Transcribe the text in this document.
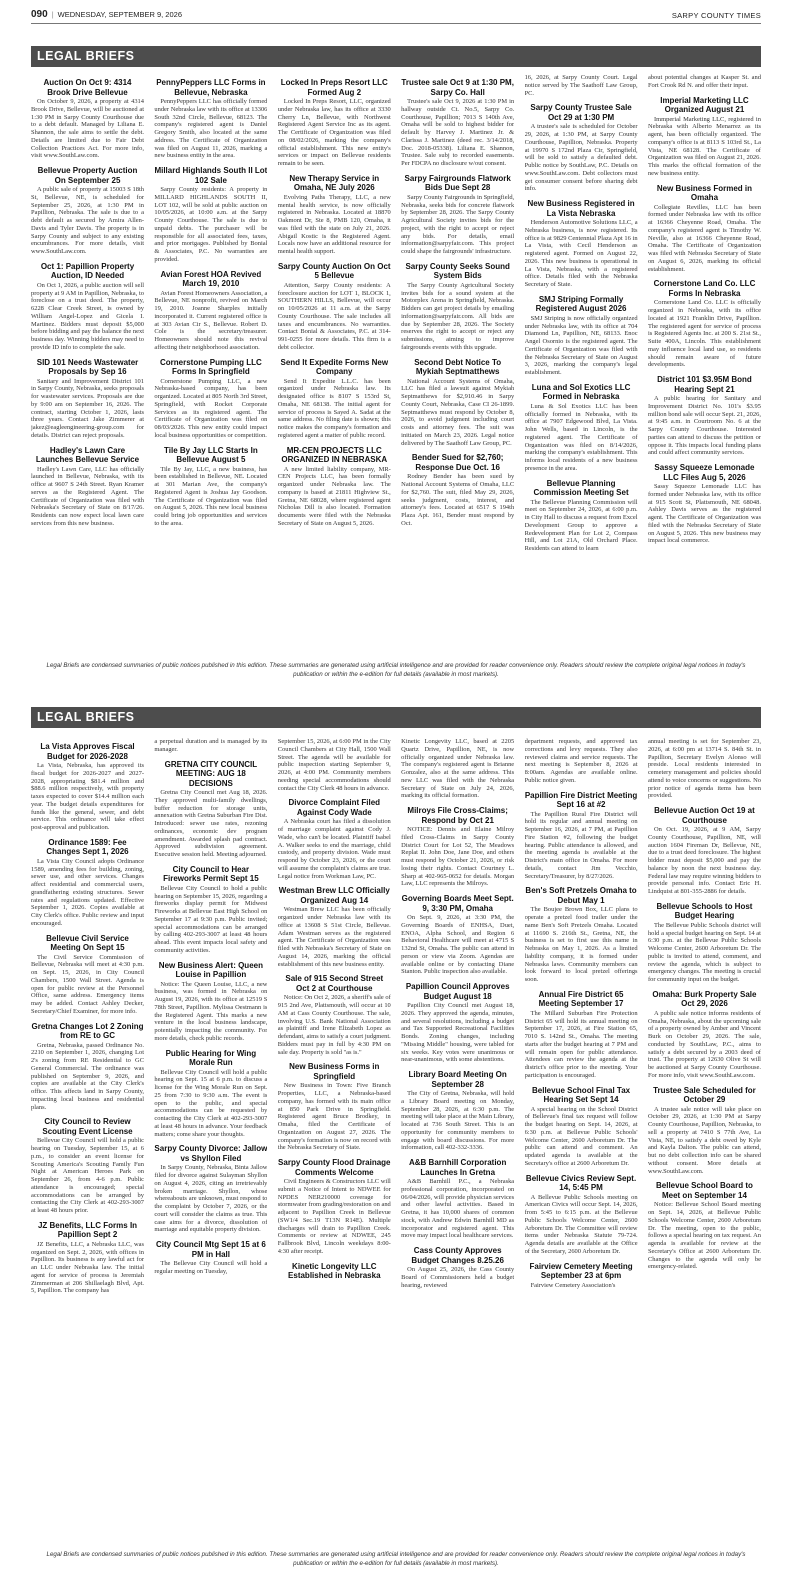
090 | WEDNESDAY, SEPTEMBER 9, 2026	SARPY COUNTY TIMES
LEGAL BRIEFS
Auction On Oct 9: 4314 Brook Drive Bellevue

On October 9, 2026, a property at 4314 Brook Drive, Bellevue, will be auctioned at 1:30 PM in Sarpy County Courthouse due to a debt default. Managed by Liliana E. Shannon, the sale aims to settle the debt. Details are limited due to Fair Debt Collection Practices Act. For more info, visit www.SouthLaw.com.

Bellevue Property Auction On September 25

A public sale of property at 15003 S 18th St, Bellevue, NE, is scheduled for September 25, 2026, at 1:30 PM in Papillion, Nebraska. The sale is due to a debt default as secured by Amira Allen-Davis and Tyler Davis. The property is in Sarpy County and subject to any existing encumbrances. For more details, visit www.SouthLaw.com.

Oct 1: Papillion Property Auction, ID Needed

On Oct 1, 2026, a public auction will sell property at 9 AM in Papillion, Nebraska, to foreclose on a trust deed. The property, 6228 Clear Creek Street, is owned by William Angel-Lopez and Gicela I. Martinez. Bidders must deposit $5,000 before bidding and pay the balance the next business day. Winning bidders may need to provide ID info to complete the sale.

SID 101 Needs Wastewater Proposals by Sep 16

Sanitary and Improvement District 101 in Sarpy County, Nebraska, seeks proposals for wastewater services. Proposals are due by 9:00 am on September 16, 2026. The contract, starting October 1, 2026, lasts three years. Contact Jake Zimmerer at jakez@eagleengineering-group.com for details. District can reject proposals.

Hadley's Lawn Care Launches Bellevue Service

Hadley's Lawn Care, LLC has officially launched in Bellevue, Nebraska, with its office at 9607 S 24th Street. Ryan Kramer serves as the Registered Agent. The Certificate of Organization was filed with Nebraska's Secretary of State on 8/17/26. Residents can now expect local lawn care services from this new business.

PennyPeppers LLC Forms in Bellevue, Nebraska

PennyPeppers LLC has officially formed under Nebraska law with its office at 13306 South 32nd Circle, Bellevue, 68123. The company's registered agent is Daniel Gregory Smith, also located at the same address. The Certificate of Organization was filed on August 11, 2026, marking a new business entity in the area.

Millard Highlands South II Lot 102 Sale

Sarpy County residents: A property in MILLARD HIGHLANDS SOUTH II, LOT 102, will be sold at public auction on 10/05/2026, at 10:00 a.m. at the Sarpy County Courthouse. The sale is due to unpaid debts. The purchaser will be responsible for all associated fees, taxes, and prior mortgages. Published by Bonial & Associates, P.C. No warranties are provided.

Avian Forest HOA Revived March 19, 2010

Avian Forest Homeowners Association, a Bellevue, NE nonprofit, revived on March 19, 2010. Joanne Sharples initially incorporated it. Current registered office is at 303 Avian Cir S., Bellevue. Robert D. Cole is the secretary/treasurer. Homeowners should note this revival affecting their neighborhood association.

Cornerstone Pumping LLC Forms In Springfield

Cornerstone Pumping LLC, a new Nebraska-based company, has been organized. Located at 805 North 3rd Street, Springfield, with Rocket Corporate Services as its registered agent. The Certificate of Organization was filed on 08/03/2026. This new entity could impact local business opportunities or competition.

Tile By Jay LLC Starts In Bellevue August 5

Tile By Jay, LLC, a new business, has been established in Bellevue, NE. Located at 301 Marian Ave, the company's Registered Agent is Joshua Jay Goodson. The Certificate of Organization was filed on August 5, 2026. This new local business could bring job opportunities and services to the area.

Locked In Preps Resort LLC Formed Aug 2

Locked In Preps Resort, LLC, organized under Nebraska law, has its office at 3330 Cherry Ln, Bellevue, with Northwest Registered Agent Service Inc as its agent. The Certificate of Organization was filed on 08/02/2026, marking the company's official establishment. This new entity's services or impact on Bellevue residents remain to be seen.

New Therapy Service in Omaha, NE July 2026

Evolving Paths Therapy, LLC, a new mental health service, is now officially registered in Nebraska. Located at 18870 Oakmont Dr, Ste 8, PMB 120, Omaha, it was filed with the state on July 21, 2026. Abigail Kostic is the Registered Agent. Locals now have an additional resource for mental health support.

Sarpy County Auction On Oct 5 Bellevue

Attention, Sarpy County residents: A foreclosure auction for LOT 1, BLOCK 1, SOUTHERN HILLS, Bellevue, will occur on 10/05/2026 at 11 a.m. at the Sarpy County Courthouse. The sale includes all taxes and encumbrances. No warranties. Contact Bonial & Associates, P.C. at 314-991-0255 for more details. This firm is a debt collector.

Send It Expedite Forms New Company

Send It Expedite L.L.C. has been organized under Nebraska law. Its designated office is 8107 S 153rd St, Omaha, NE 68138. The initial agent for service of process is Sayed A. Sadat at the same address. No filing date is shown; this notice makes the company's formation and registered agent a matter of public record.

MR-CEN PROJECTS LLC ORGANIZED IN NEBRASKA

A new limited liability company, MR-CEN Projects LLC, has been formally organized under Nebraska law. The company is based at 21811 Highview St., Gretna, NE 68028, where registered agent Nicholas Dill is also located. Formation documents were filed with the Nebraska Secretary of State on August 5, 2026.

Trustee sale Oct 9 at 1:30 PM, Sarpy Co. Hall

Trustee's sale Oct 9, 2026 at 1:30 PM in hallway outside Ct. No.5, Sarpy Co. Courthouse, Papillion; 7013 S 140th Ave, Omaha will be sold to highest bidder for default by Harvey J. Martinez Jr. & Clarissa J. Martinez (deed rec. 3/14/2018, Doc. 2018-05338). Liliana E. Shannon, Trustee. Sale subj to recorded easements. Per FDCPA no disclosure w/out consent.

Sarpy Fairgrounds Flatwork Bids Due Sept 28

Sarpy County Fairgrounds in Springfield, Nebraska, seeks bids for concrete flatwork by September 28, 2026. The Sarpy County Agricultural Society invites bids for the project, with the right to accept or reject any bids. For details, email information@sarpyfair.com. This project could shape the fairgrounds' infrastructure.

Sarpy County Seeks Sound System Bids

The Sarpy County Agricultural Society invites bids for a sound system at the Motorplex Arena in Springfield, Nebraska. Bidders can get project details by emailing information@sarpyfair.com. All bids are due by September 28, 2026. The Society reserves the right to accept or reject any submissions, aiming to improve fairgrounds events with this upgrade.

Second Debt Notice To Mykiah Septmatthews

National Account Systems of Omaha, LLC has filed a lawsuit against Mykiah Septmatthews for $2,910.46 in Sarpy County Court, Nebraska, Case CI 26-1899. Septmatthews must respond by October 8, 2026, to avoid judgment including court costs and attorney fees. The suit was initiated on March 23, 2026. Legal notice delivered by The Saathoff Law Group, PC.

Bender Sued for $2,760; Response Due Oct. 16

Rodney Bender has been sued by National Account Systems of Omaha, LLC for $2,760. The suit, filed May 29, 2026, seeks judgment, costs, interest, and attorney's fees. Located at 6517 S 194th Plaza Apt. 161, Bender must respond by Oct.

16, 2026, at Sarpy County Court. Legal notice served by The Saathoff Law Group, PC.

Sarpy County Trustee Sale Oct 29 at 1:30 PM

A trustee's sale is scheduled for October 29, 2026, at 1:30 PM, at Sarpy County Courthouse, Papillion, Nebraska. Property at 19970 S 172nd Plaza Cir, Springfield, will be sold to satisfy a defaulted debt. Public notice by SouthLaw, P.C. Details on www.SouthLaw.com. Debt collectors must get consumer consent before sharing debt info.

New Business Registered in La Vista Nebraska

Henderson Automotive Solutions LLC, a Nebraska business, is now registered. Its office is at 9829 Centennial Plaza Apt 16 in La Vista, with Cecil Henderson as registered agent. Formed on August 22, 2026. This new business is operational in La Vista, Nebraska, with a registered office. Details filed with the Nebraska Secretary of State.

SMJ Striping Formally Registered August 2026

SMJ Striping is now officially organized under Nebraska law, with its office at 704 Diamond Ln, Papillion, NE, 68133. Enoc Angel Osornio is the registered agent. The Certificate of Organization was filed with the Nebraska Secretary of State on August 3, 2026, marking the company's legal establishment.

Luna and Sol Exotics LLC Formed in Nebraska

Luna & Sol Exotics LLC has been officially formed in Nebraska, with its office at 7907 Edgewood Blvd, La Vista. John Wells, based in Lincoln, is the registered agent. The Certificate of Organization was filed on 8/14/2026, marking the company's establishment. This informs local residents of a new business presence in the area.

Bellevue Planning Commission Meeting Set

The Bellevue Planning Commission will meet on September 24, 2026, at 6:00 p.m. in City Hall to discuss a request from Excel Development Group to approve a Redevelopment Plan for Lot 2, Compass Hill, and Lot 21A, Old Orchard Place. Residents can attend to learn

about potential changes at Kasper St. and Fort Crook Rd N. and offer their input.

Imperial Marketing LLC Organized August 21

Immperial Marketing LLC, registered in Nebraska with Alberto Menarrez as its agent, has been officially organized. The company's office is at 8113 S 103rd St., La Vista, NE 68128. The Certificate of Organization was filed on August 21, 2026. This marks the official formation of the new business entity.

New Business Formed in Omaha

Collegiate Revilles, LLC has been formed under Nebraska law with its office at 16366 Cheyenne Road, Omaha. The company's registered agent is Timothy W. Neville, also at 16366 Cheyenne Road, Omaha. The Certificate of Organization was filed with Nebraska Secretary of State on August 6, 2026, marking its official establishment.

Cornerstone Land Co. LLC Forms In Nebraska

Cornerstone Land Co. LLC is officially organized in Nebraska, with its office located at 1921 Franklin Drive, Papillion. The registered agent for service of process is Registered Agents Inc. at 200 S. 21st St., Suite 400A, Lincoln. This establishment may influence local land use, so residents should remain aware of future developments.

District 101 $3.95M Bond Hearing Sept 21

A public hearing for Sanitary and Improvement District No. 101's $3.95 million bond sale will occur Sept. 21, 2026, at 9:45 a.m. in Courtroom No. 6 at the Sarpy County Courthouse. Interested parties can attend to discuss the petition or oppose it. This impacts local funding plans and could affect community services.

Sassy Squeeze Lemonade LLC Files Aug 5, 2026

Sassy Squeeze Lemonade LLC has formed under Nebraska law, with its office at 915 Scott St, Plattsmouth, NE 68048. Ashley Davis serves as the registered agent. The Certificate of Organization was filed with the Nebraska Secretary of State on August 5, 2026. This new business may impact local commerce.

Legal Briefs are condensed summaries of public notices published in this edition. These summaries are generated using artificial intelligence and are provided for reader convenience only. Readers should review the complete original legal notices in today's publication or within the e-edition for full details (available in most markets).
LEGAL BRIEFS
La Vista Approves Fiscal Budget for 2026-2028

La Vista, Nebraska, has approved its fiscal budget for 2026-2027 and 2027-2028, appropriating $81.4 million and $88.6 million respectively, with property taxes expected to cover $14.4 million each year. The budget details expenditures for funds like the general, sewer, and debt service. This ordinance will take effect post-approval and publication.

Ordinance 1589: Fee Changes Sept 1, 2026

La Vista City Council adopts Ordinance 1589, amending fees for building, zoning, sewer use, and other services. Changes affect residential and commercial users, grandfathering existing structures. Sewer rates and regulations updated. Effective September 1, 2026. Copies available at City Clerk's office. Public review and input encouraged.

Bellevue Civil Service Meeting On Sept 15

The Civil Service Commission of Bellevue, Nebraska will meet at 4:30 p.m. on Sept. 15, 2026, in City Council Chambers, 1500 Wall Street. Agenda is open for public review at the Personnel Office, same address. Emergency items may be added. Contact Ashley Decker, Secretary/Chief Examiner, for more info.

Gretna Changes Lot 2 Zoning from RE to GC

Gretna, Nebraska, passed Ordinance No. 2210 on September 1, 2026, changing Lot 2's zoning from RE Residential to GC General Commercial. The ordinance was published on September 9, 2026, and copies are available at the City Clerk's office. This affects land in Sarpy County, impacting local business and residential plans.

City Council to Review Scouting Event License

Bellevue City Council will hold a public hearing on Tuesday, September 15, at 6 p.m., to consider an event license for Scouting America's Scouting Family Fun Night at American Heroes Park on September 26, from 4-6 p.m. Public attendance is encouraged; special accommodations can be arranged by contacting the City Clerk at 402-293-3007 at least 48 hours prior.

JZ Benefits, LLC Forms In Papillion Sept 2

JZ Benefits, LLC, a Nebraska LLC, was organized on Sept. 2, 2026, with offices in Papillion. Its business is any lawful act for an LLC under Nebraska law. The initial agent for service of process is Jeremiah Zimmerman at 206 Shillaelagh Blvd, Apt. 5, Papillion. The company has

a perpetual duration and is managed by its manager.

GRETNA CITY COUNCIL MEETING: AUG 18 DECISIONS

Gretna City Council met Aug 18, 2026. They approved multi-family dwellings, buffer reduction for storage units, annexation with Gretna Suburban Fire Dist. Introduced: sewer use rates, rezoning ordinances, economic dev program amendment. Awarded splash pad contract. Approved subdivision agreement. Executive session held. Meeting adjourned.

City Council to Hear Fireworks Permit Sept 15

Bellevue City Council to hold a public hearing on September 15, 2026, regarding a fireworks display permit for Midwest Fireworks at Bellevue East High School on September 17 at 9:30 p.m. Public invited; special accommodations can be arranged by calling 402-293-3007 at least 48 hours ahead. This event impacts local safety and community activities.

New Business Alert: Queen Louise in Papillion

Notice: The Queen Louise, LLC, a new business, was formed in Nebraska on August 19, 2026, with its office at 12519 S 78th Street, Papillion. Mylissa Oestmann is the Registered Agent. This marks a new venture in the local business landscape, potentially impacting the community. For more details, check public records.

Public Hearing for Wing Morale Run

Bellevue City Council will hold a public hearing on Sept. 15 at 6 p.m. to discuss a license for the Wing Morale Run on Sept. 25 from 7:30 to 9:30 a.m. The event is open to the public, and special accommodations can be requested by contacting the City Clerk at 402-293-3007 at least 48 hours in advance. Your feedback matters; come share your thoughts.

Sarpy County Divorce: Jallow vs Shyllon Filed

In Sarpy County, Nebraska, Binta Jallow filed for divorce against Sulayman Shyllon on August 4, 2026, citing an irretrievably broken marriage. Shyllon, whose whereabouts are unknown, must respond to the complaint by October 7, 2026, or the court will consider the claims as true. This case aims for a divorce, dissolution of marriage and equitable property division.

City Council Mtg Sept 15 at 6 PM in Hall

The Bellevue City Council will hold a regular meeting on Tuesday,

September 15, 2026, at 6:00 PM in the City Council Chambers at City Hall, 1500 Wall Street. The agenda will be available for public inspection starting September 9, 2026, at 4:00 PM. Community members needing special accommodations should contact the City Clerk 48 hours in advance.

Divorce Complaint Filed Against Cody Wade

A Nebraska court has filed a dissolution of marriage complaint against Cody J. Wade, who can't be located. Plaintiff Isabel A. Walker seeks to end the marriage, child custody, and property division. Wade must respond by October 23, 2026, or the court will assume the complaint's claims are true. Legal notice from Workman Law, PC.

Westman Brew LLC Officially Organized Aug 14

Westman Brew LLC has been officially organized under Nebraska law with its office at 13608 S 51st Circle, Bellevue. Adam Westman serves as the registered agent. The Certificate of Organization was filed with Nebraska's Secretary of State on August 14, 2026, marking the official establishment of this new business entity.

Sale of 915 Second Street Oct 2 at Courthouse

Notice: On Oct 2, 2026, a sheriff's sale of 915 2nd Ave, Plattsmouth, will occur at 10 AM at Cass County Courthouse. The sale, involving U.S. Bank National Association as plaintiff and Irene Elizabeth Lopez as defendant, aims to satisfy a court judgment. Bidders must pay in full by 4:30 PM on sale day. Property is sold "as is."

New Business Forms in Springfield

New Business in Town: Five Branch Properties, LLC, a Nebraska-based company, has formed with its main office at 850 Park Drive in Springfield. Registered agent Bruce Brodkey, in Omaha, filed the Certificate of Organization on August 27, 2026. The company's formation is now on record with the Nebraska Secretary of State.

Sarpy County Flood Drainage Comments Welcome

Civil Engineers & Constructors LLC will submit a Notice of Intent to NDWEE for NPDES NER210000 coverage for stormwater from grading/restoration on and adjacent to Papillion Creek in Bellevue (SW1/4 Sec.19 T13N R14E). Multiple discharges will drain to Papillion Creek. Comments or review at NDWEE, 245 Fallbrook Blvd, Lincoln weekdays 8:00-4:30 after receipt.

Kinetic Longevity LLC Established in Nebraska

Kinetic Longevity LLC, based at 2205 Quartz Drive, Papillion, NE, is now officially organized under Nebraska law. The company's registered agent is Brianne Gonzalez, also at the same address. This new LLC was filed with the Nebraska Secretary of State on July 24, 2026, marking its official formation.

Milroys File Cross-Claims; Respond by Oct 21

NOTICE: Dennis and Elaine Milroy filed Cross-Claims in Sarpy County District Court for Lot 52, The Meadows Replat II. John Doe, Jane Doe, and others must respond by October 21, 2026, or risk losing their rights. Contact Courtney L. Sharp at 402-965-0652 for details. Morgan Law, LLC represents the Milroys.

Governing Boards Meet Sept. 9, 3:30 PM, Omaha

On Sept. 9, 2026, at 3:30 PM, the Governing Boards of ENHSA, Duet, ENOA, Alpha School, and Region 6 Behavioral Healthcare will meet at 4715 S 132nd St, Omaha. The public can attend in person or view via Zoom. Agendas are available online or by contacting Diane Stanton. Public inspection also available.

Papillion Council Approves Budget August 18

Papillion City Council met August 18, 2026. They approved the agenda, minutes, and several resolutions, including a budget and Tax Supported Recreational Facilities Bonds. Zoning changes, including "Missing Middle" housing, were tabled for six weeks. Key votes were unanimous or near-unanimous, with some abstentions.

Library Board Meeting On September 28

The City of Gretna, Nebraska, will hold a Library Board meeting on Monday, September 28, 2026, at 6:30 p.m. The meeting will take place at the Main Library, located at 736 South Street. This is an opportunity for community members to engage with board discussions. For more information, call 402-332-3336.

A&B Barnhill Corporation Launches In Gretna

A&B Barnhill P.C., a Nebraska professional corporation, incorporated on 06/04/2026, will provide physician services and other lawful activities. Based in Gretna, it has 10,000 shares of common stock, with Andrew Edwin Barnhill MD as incorporator and registered agent. This move may impact local healthcare services.

Cass County Approves Budget Changes 8.25.26

On August 25, 2026, the Cass County Board of Commissioners held a budget hearing, reviewed

department requests, and approved tax corrections and levy requests. They also reviewed claims and service requests. The next meeting is September 8, 2026 at 8:00am. Agendas are available online. Public notice given.

Papillion Fire District Meeting Sept 16 at #2

The Papillion Rural Fire District will hold its regular and annual meeting on September 16, 2026, at 7 PM, at Papillion Fire Station #2, following the budget hearing. Public attendance is allowed, and the meeting agenda is available at the District's main office in Omaha. For more details, contact Jim Vecchio, Secretary/Treasurer, by 8/27/2026.

Ben's Soft Pretzels Omaha to Debut May 1

The Boujee Brown Box, LLC plans to operate a pretzel food trailer under the name Ben's Soft Pretzels Omaha. Located at 11690 S. 216th St., Gretna, NE, the business is set to first use this name in Nebraska on May 1, 2026. As a limited liability company, it is formed under Nebraska laws. Community members can look forward to local pretzel offerings soon.

Annual Fire District 65 Meeting September 17

The Millard Suburban Fire Protection District 65 will hold its annual meeting on September 17, 2026, at Fire Station 65, 7010 S. 142nd St., Omaha. The meeting starts after the budget hearing at 7 PM and will remain open for public attendance. Attendees can review the agenda at the district's office prior to the meeting. Your participation is encouraged.

Bellevue School Final Tax Hearing Set Sept 14

A special hearing on the School District of Bellevue's final tax request will follow the budget hearing on Sept. 14, 2026, at 6:30 p.m. at Bellevue Public Schools' Welcome Center, 2600 Arboretum Dr. The public can attend and comment. An updated agenda is available at the Secretary's office at 2600 Arboretum Dr.

Bellevue Civics Review Sept. 14, 5:45 PM

A Bellevue Public Schools meeting on American Civics will occur Sept. 14, 2026, from 5:45 to 6:15 p.m. at the Bellevue Public Schools Welcome Center, 2600 Arboretum Dr. The Committee will review items under Nebraska Statute 79-724. Agenda details are available at the Office of the Secretary, 2600 Arboretum Dr.

Fairview Cemetery Meeting September 23 at 6pm

Fairview Cemetery Association's

annual meeting is set for September 23, 2026, at 6:00 pm at 13714 S. 84th St. in Papillion, Secretary Evelyn Alonso will preside. Local residents interested in cemetery management and policies should attend to voice concerns or suggestions. No prior notice of agenda items has been provided.

Bellevue Auction Oct 19 at Courthouse

On Oct. 19, 2026, at 9 AM, Sarpy County Courthouse, Papillion, NE, will auction 1604 Fireman Dr, Bellevue, NE, due to a trust deed foreclosure. The highest bidder must deposit $5,000 and pay the balance by noon the next business day. Federal law may require winning bidders to provide personal info. Contact Eric H. Lindquist at 801-355-2886 for details.

Bellevue Schools to Host Budget Hearing

The Bellevue Public Schools district will hold a special budget hearing on Sept. 14 at 6:30 p.m. at the Bellevue Public Schools Welcome Center, 2600 Arboretum Dr. The public is invited to attend, comment, and review the agenda, which is subject to emergency changes. The meeting is crucial for community input on the budget.

Omaha: Burk Property Sale Oct 29, 2026

A public sale notice informs residents of Omaha, Nebraska, about the upcoming sale of a property owned by Amber and Vincent Burk on October 29, 2026. The sale, conducted by SouthLaw, P.C., aims to satisfy a debt secured by a 2003 deed of trust. The property at 12630 Olive St will be auctioned at Sarpy County Courthouse. For more info, visit www.SouthLaw.com.

Trustee Sale Scheduled for October 29

A trustee sale notice will take place on October 29, 2026, at 1:30 PM at Sarpy County Courthouse, Papillion, Nebraska, to sell a property at 7410 S 77th Ave, La Vista, NE, to satisfy a debt owed by Kyle and Kayla Dalton. The public can attend, but no debt collection info can be shared without consent. More details at www.SouthLaw.com.

Bellevue School Board to Meet on September 14

Notice: Bellevue School Board meeting on Sept. 14, 2026, at Bellevue Public Schools Welcome Center, 2600 Arboretum Dr. The meeting, open to the public, follows a special hearing on tax request. An agenda is available for review at the Secretary's Office at 2600 Arboretum Dr. Changes to the agenda will only be emergency-related.

Legal Briefs are condensed summaries of public notices published in this edition. These summaries are generated using artificial intelligence and are provided for reader convenience only. Readers should review the complete original legal notices in today's publication or within the e-edition for full details (available in most markets).
